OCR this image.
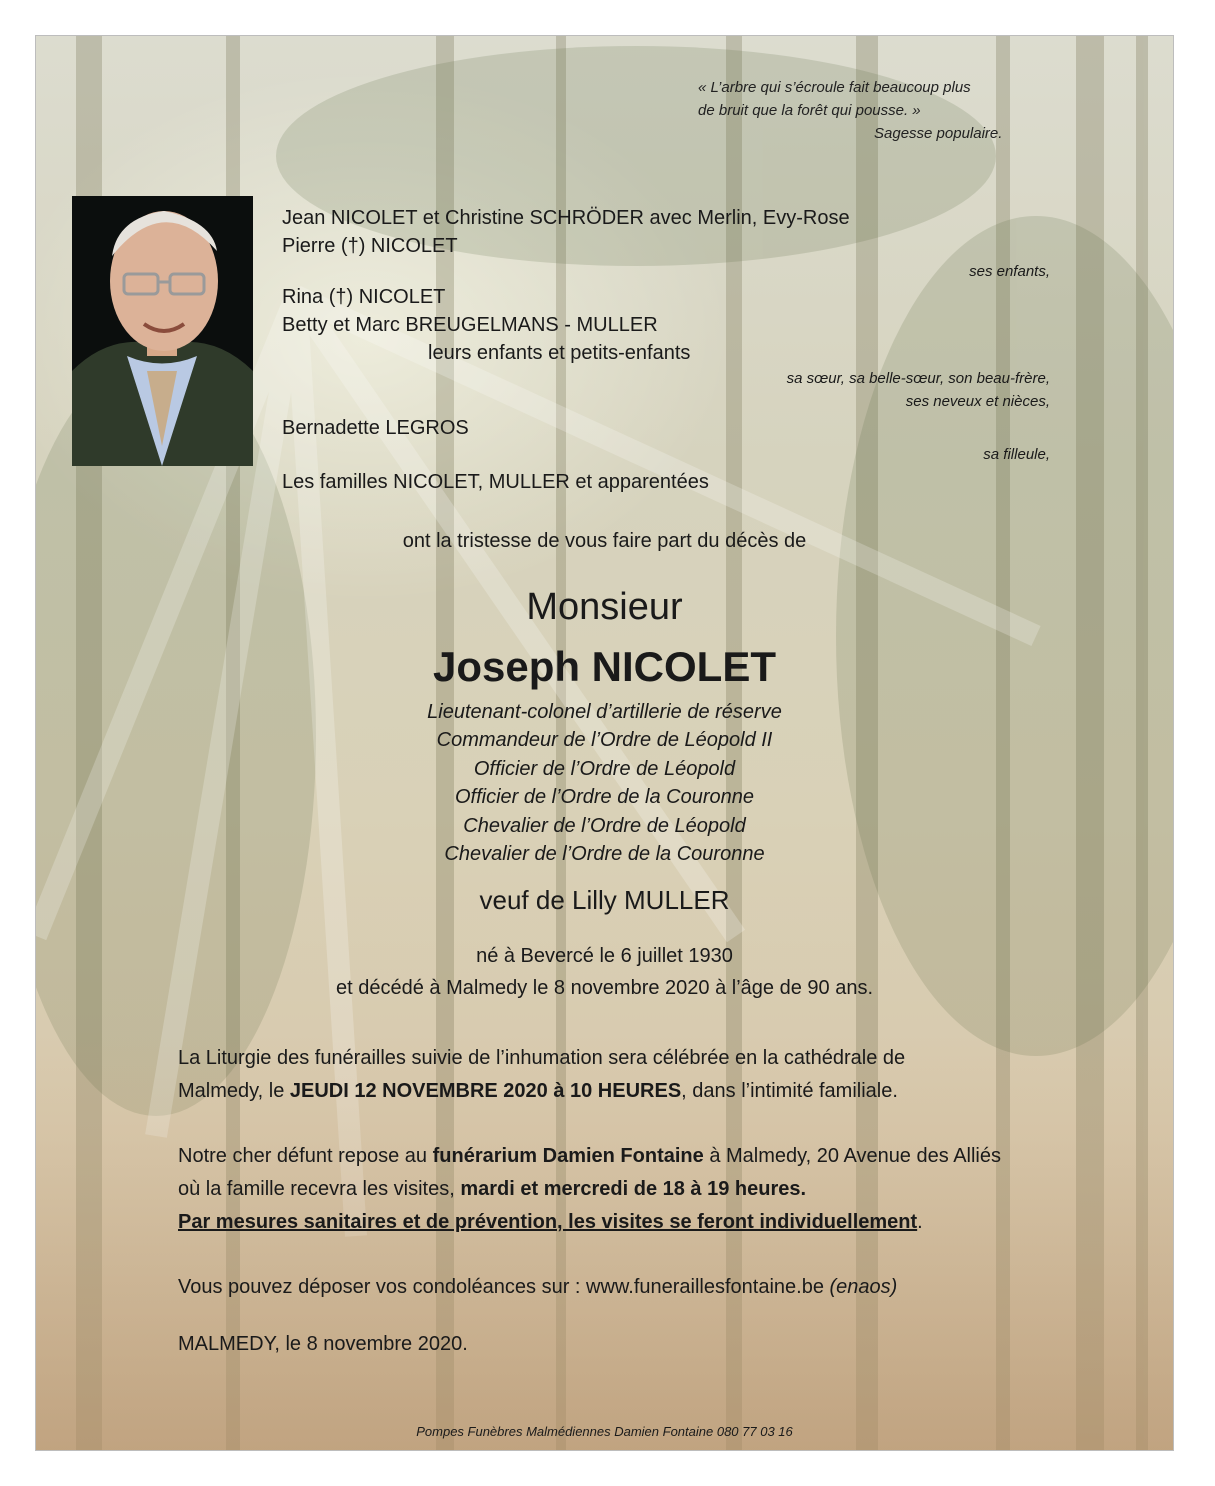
« L’arbre qui s’écroule fait beaucoup plus
de bruit que la forêt qui pousse. »
Sagesse populaire.
Jean NICOLET et Christine SCHRÖDER avec Merlin, Evy-Rose
Pierre (†) NICOLET
ses enfants,
Rina (†) NICOLET
Betty et Marc BREUGELMANS - MULLER
leurs enfants et petits-enfants
sa sœur, sa belle-sœur, son beau-frère,
ses neveux et nièces,
Bernadette LEGROS
sa filleule,
Les familles NICOLET, MULLER et apparentées
ont la tristesse de vous faire part du décès de
Monsieur
Joseph NICOLET
Lieutenant-colonel d’artillerie de réserve
Commandeur de l’Ordre de Léopold II
Officier de l’Ordre de Léopold
Officier de l’Ordre de la Couronne
Chevalier de l’Ordre de Léopold
Chevalier de l’Ordre de la Couronne
veuf de Lilly MULLER
né à Beverc​é le 6 juillet 1930
et décédé à Malmedy le 8 novembre 2020 à l’âge de 90 ans.
La Liturgie des funérailles suivie de l’inhumation sera célébrée en la cathédrale de Malmedy, le JEUDI 12 NOVEMBRE 2020 à 10 HEURES, dans l’intimité familiale.
Notre cher défunt repose au funérarium Damien Fontaine à Malmedy, 20 Avenue des Alliés
où la famille recevra les visites, mardi et mercredi de 18 à 19 heures.
Par mesures sanitaires et de prévention, les visites se feront individuellement.
Vous pouvez déposer vos condoléances sur : www.funeraillesfontaine.be (enaos)
MALMEDY, le 8 novembre 2020.
Pompes Funèbres Malmédiennes Damien Fontaine 080 77 03 16
